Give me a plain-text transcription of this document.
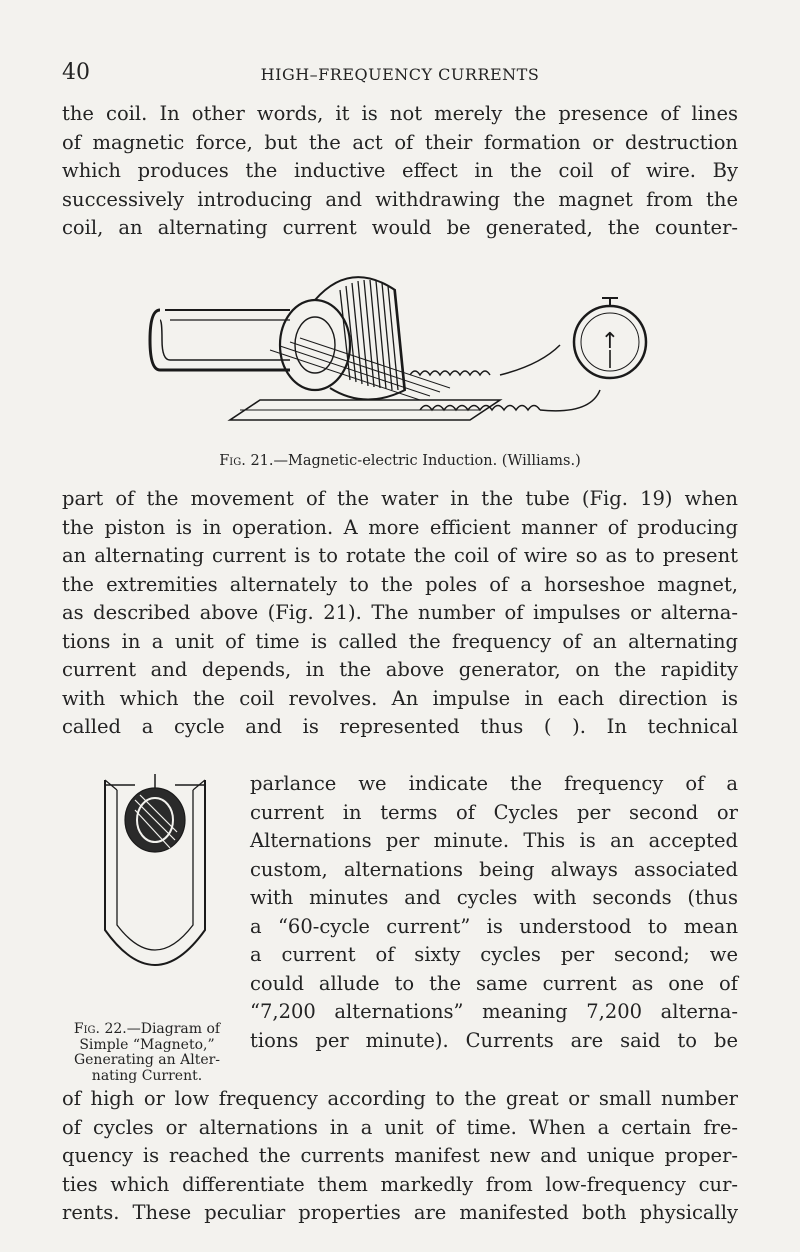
40	HIGH–FREQUENCY CURRENTS
the coil. In other words, it is not merely the presence of lines
of magnetic force, but the act of their formation or destruction
which produces the inductive effect in the coil of wire. By
successively introducing and withdrawing the magnet from the
coil, an alternating current would be generated, the counter-
↑
Fig. 21.—Magnetic-electric Induction. (Williams.)
part of the movement of the water in the tube (Fig. 19) when
the piston is in operation. A more efficient manner of producing
an alternating current is to rotate the coil of wire so as to present
the extremities alternately to the poles of a horseshoe magnet,
as described above (Fig. 21). The number of impulses or alterna-
tions in a unit of time is called the frequency of an alternating
current and depends, in the above generator, on the rapidity
with which the coil revolves. An impulse in each direction is
called a cycle and is represented thus ( ). In technical
Fig. 22.—Diagram of
Simple “Magneto,”
Generating an Alter-
nating Current.
parlance we indicate the frequency of a
current in terms of Cycles per second or
Alternations per minute. This is an accepted
custom, alternations being always associated
with minutes and cycles with seconds (thus
a “60-cycle current” is understood to mean
a current of sixty cycles per second; we
could allude to the same current as one of
“7,200 alternations” meaning 7,200 alterna-
tions per minute). Currents are said to be
of high or low frequency according to the great or small number
of cycles or alternations in a unit of time. When a certain fre-
quency is reached the currents manifest new and unique proper-
ties which differentiate them markedly from low-frequency cur-
rents. These peculiar properties are manifested both physically
